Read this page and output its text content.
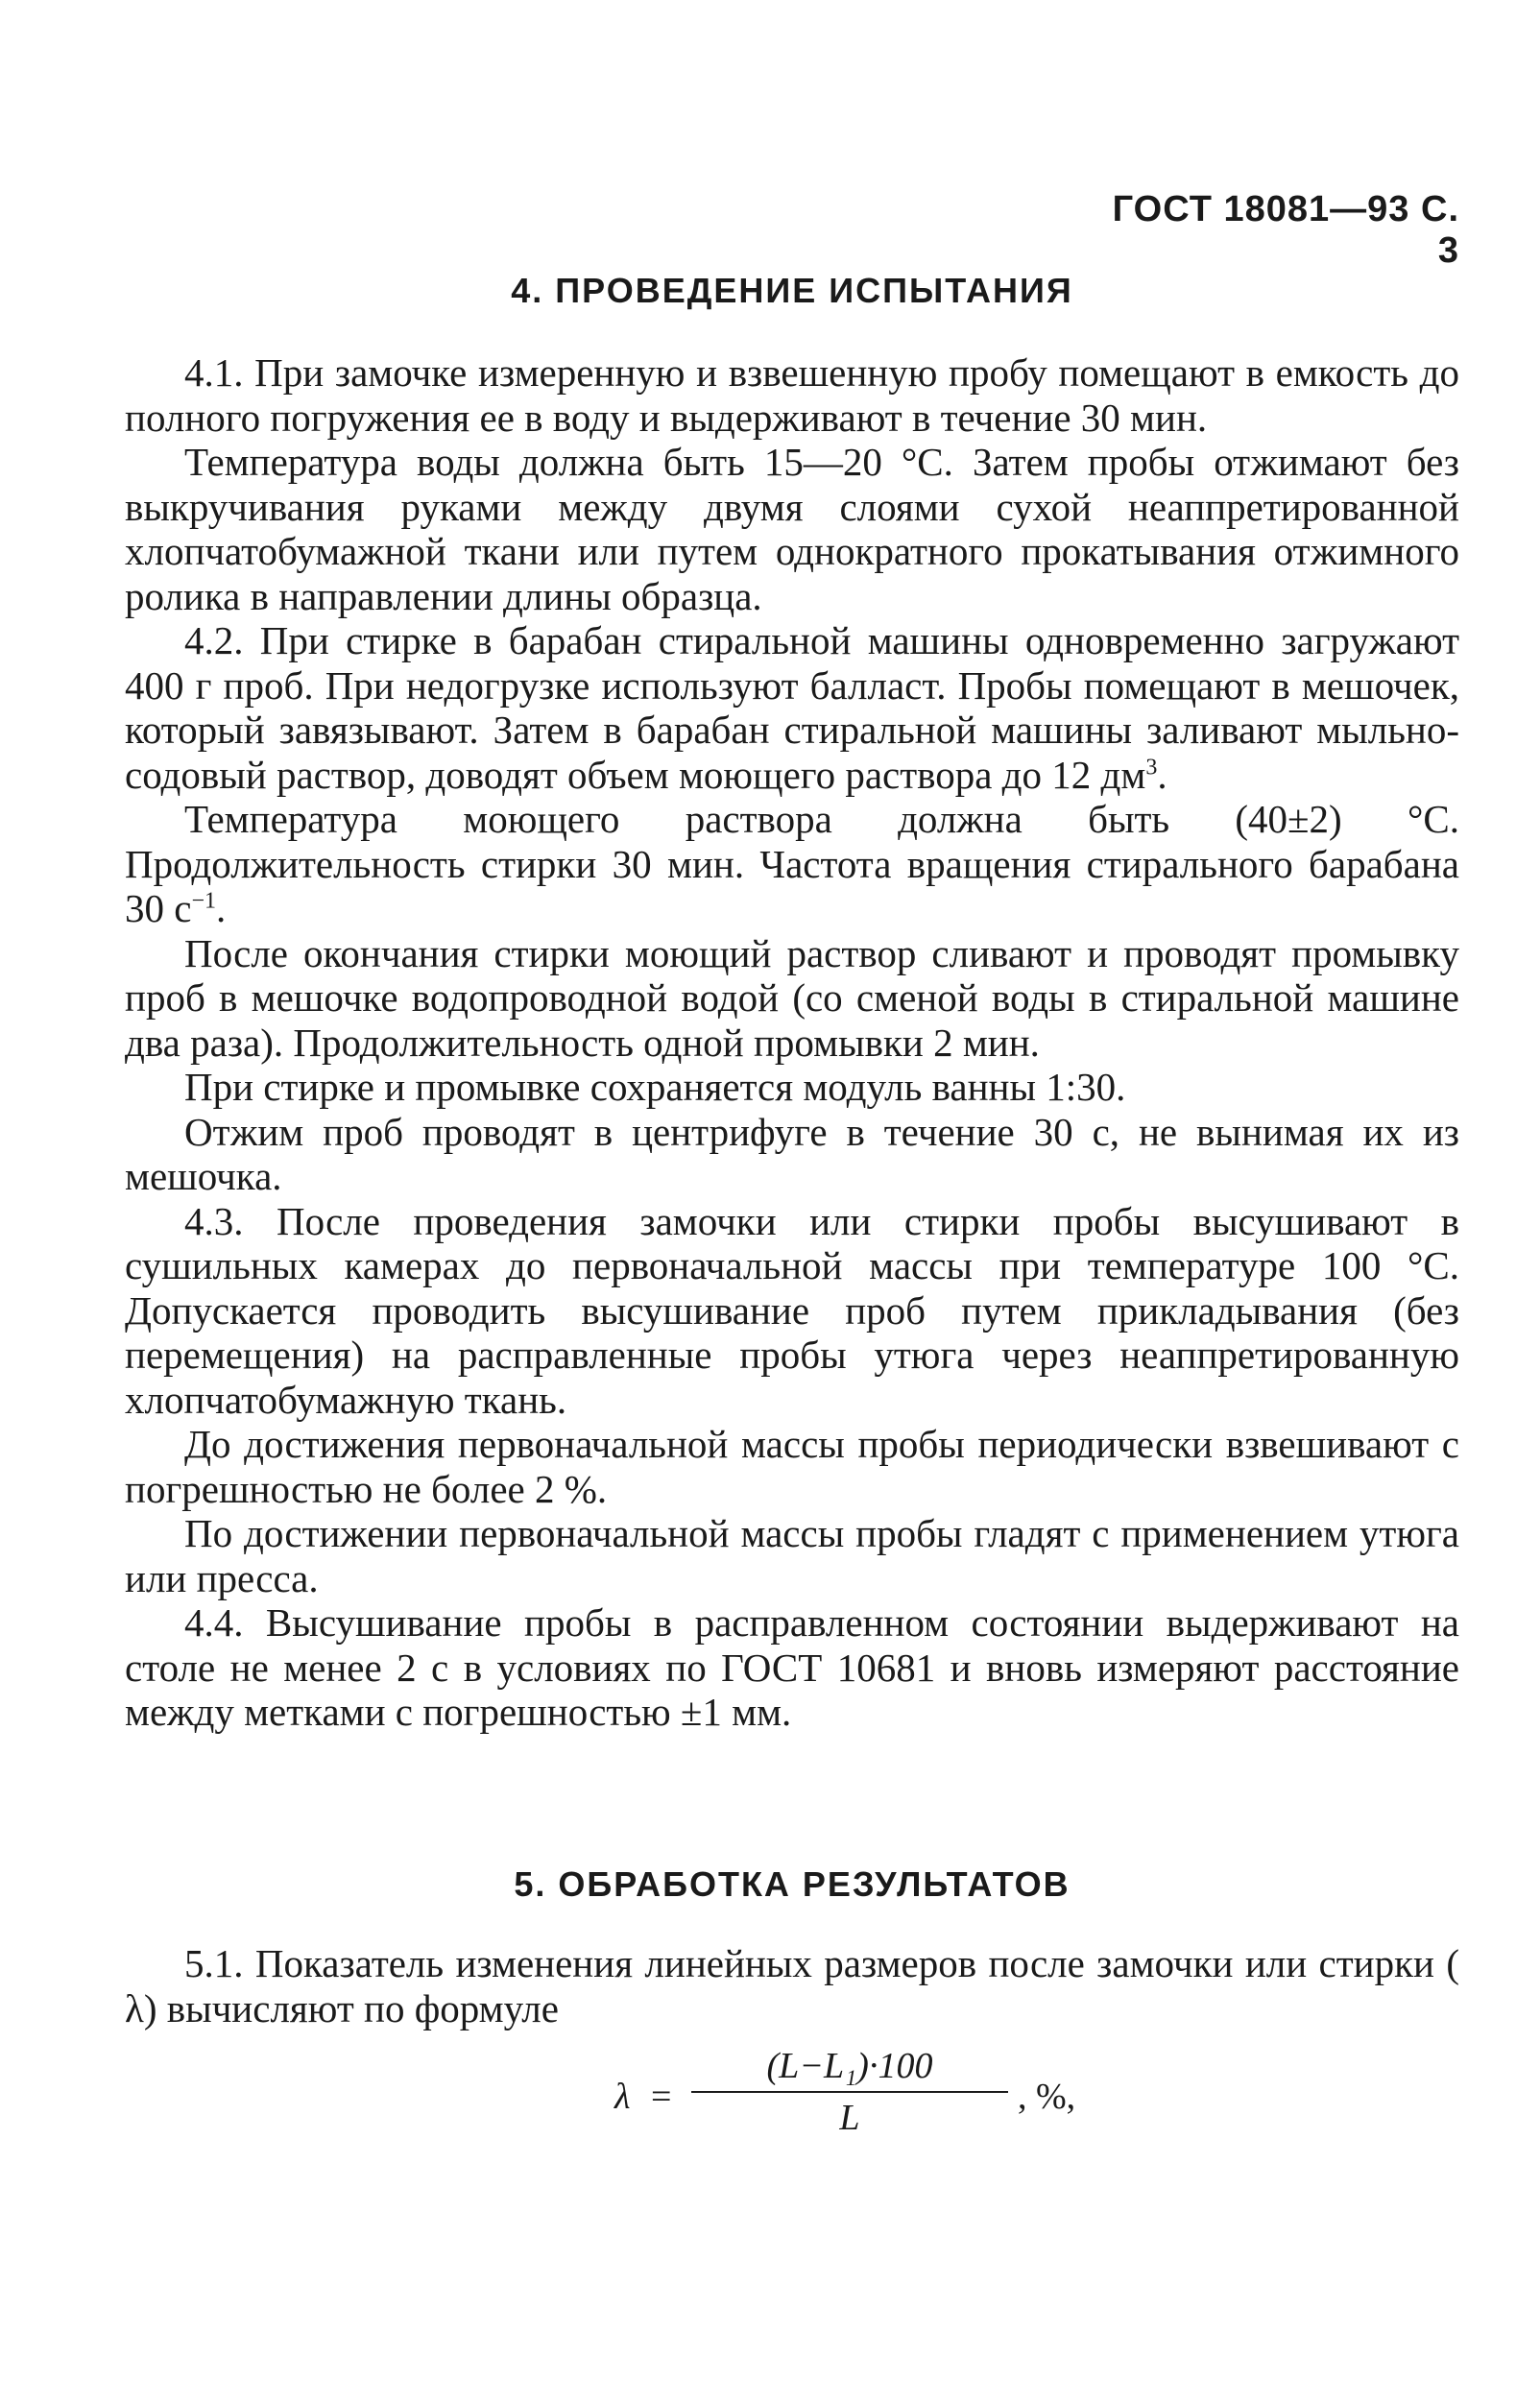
ГОСТ 18081—93 С. 3
4. ПРОВЕДЕНИЕ ИСПЫТАНИЯ

4.1. При замочке измеренную и взвешенную пробу помещают в емкость до полного погружения ее в воду и выдерживают в течение 30 мин.

Температура воды должна быть 15—20 °С. Затем пробы отжимают без выкручивания руками между двумя слоями сухой неаппретированной хлопчатобумажной ткани или путем однократного прокатывания отжимного ролика в направлении длины образца.

4.2. При стирке в барабан стиральной машины одновременно загружают 400 г проб. При недогрузке используют балласт. Пробы помещают в мешочек, который завязывают. Затем в барабан стиральной машины заливают мыльно-содовый раствор, доводят объем моющего раствора до 12 $дм^3$.

Температура моющего раствора должна быть (40±2) °С. Продолжительность стирки 30 мин. Частота вращения стирального барабана 30 $с^{-1}$.

После окончания стирки моющий раствор сливают и проводят промывку проб в мешочке водопроводной водой (со сменой воды в стиральной машине два раза). Продолжительность одной промывки 2 мин.

При стирке и промывке сохраняется модуль ванны 1:30.

Отжим проб проводят в центрифуге в течение 30 с, не вынимая их из мешочка.

4.3. После проведения замочки или стирки пробы высушивают в сушильных камерах до первоначальной массы при температуре 100 °С. Допускается проводить высушивание проб путем прикладывания (без перемещения) на расправленные пробы утюга через неаппретированную хлопчатобумажную ткань.

До достижения первоначальной массы пробы периодически взвешивают с погрешностью не более 2 %.

По достижении первоначальной массы пробы гладят с применением утюга или пресса.

4.4. Высушивание пробы в расправленном состоянии выдерживают на столе не менее 2 с в условиях по ГОСТ 10681 и вновь измеряют расстояние между метками с погрешностью ±1 мм.

5. ОБРАБОТКА РЕЗУЛЬТАТОВ

5.1. Показатель изменения линейных размеров после замочки или стирки ( λ) вычисляют по формуле

λ =
(L−L₁)·100
L
, %,
